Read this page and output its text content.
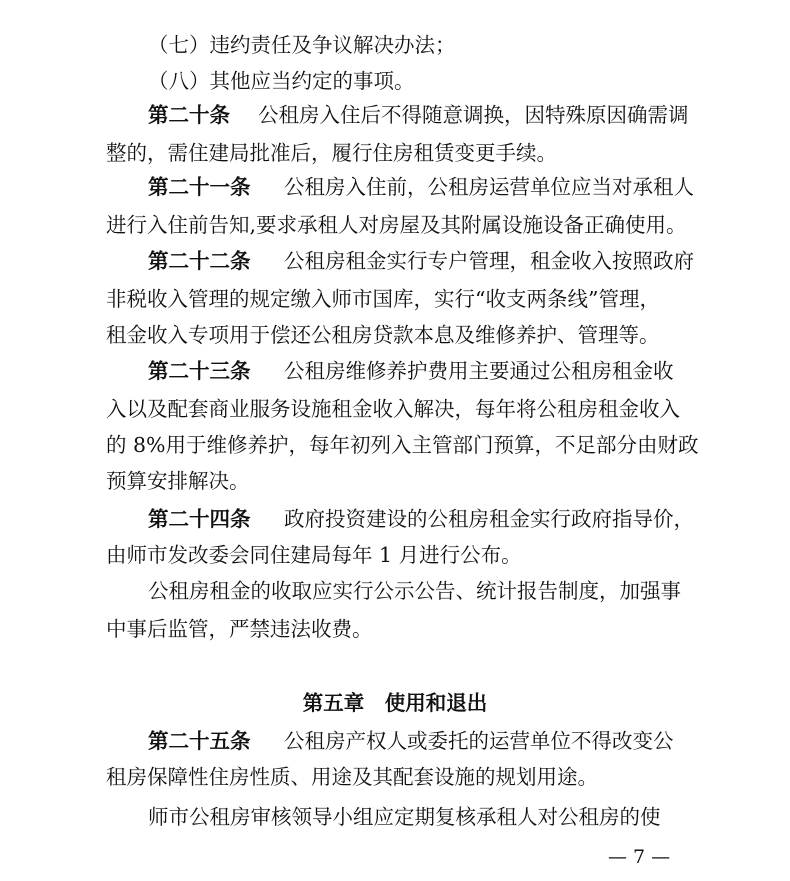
（七）违约责任及争议解决办法；
（八）其他应当约定的事项。
第二十条 公租房入住后不得随意调换，因特殊原因确需调
整的，需住建局批准后，履行住房租赁变更手续。
第二十一条 公租房入住前，公租房运营单位应当对承租人
进行入住前告知,要求承租人对房屋及其附属设施设备正确使用。
第二十二条 公租房租金实行专户管理，租金收入按照政府
非税收入管理的规定缴入师市国库，实行“收支两条线”管理，
租金收入专项用于偿还公租房贷款本息及维修养护、管理等。
第二十三条 公租房维修养护费用主要通过公租房租金收
入以及配套商业服务设施租金收入解决，每年将公租房租金收入
的 8%用于维修养护，每年初列入主管部门预算，不足部分由财政
预算安排解决。
第二十四条 政府投资建设的公租房租金实行政府指导价，
由师市发改委会同住建局每年 1 月进行公布。
公租房租金的收取应实行公示公告、统计报告制度，加强事
中事后监管，严禁违法收费。
第五章　使用和退出
第二十五条 公租房产权人或委托的运营单位不得改变公
租房保障性住房性质、用途及其配套设施的规划用途。
师市公租房审核领导小组应定期复核承租人对公租房的使
— 7 —
